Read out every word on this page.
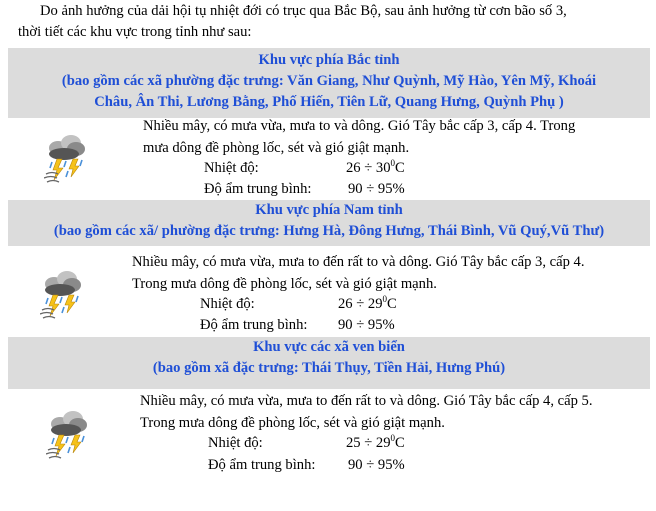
Do ảnh hưởng của dải hội tụ nhiệt đới có trục qua Bắc Bộ, sau ảnh hưởng từ cơn bão số 3,
thời tiết các khu vực trong tỉnh như sau:
Khu vực phía Bắc tỉnh
(bao gồm các xã phường đặc trưng: Văn Giang, Như Quỳnh, Mỹ Hào, Yên Mỹ, Khoái
Châu, Ân Thi, Lương Bằng, Phố Hiến, Tiên Lữ, Quang Hưng, Quỳnh Phụ )
Nhiều mây, có mưa vừa, mưa to và dông. Gió Tây bắc cấp 3, cấp 4. Trong
mưa dông đề phòng lốc, sét và gió giật mạnh.
Nhiệt độ:	$26 \div 30^0C$
Độ ẩm trung bình:	90 ÷ 95%
Khu vực phía Nam tỉnh
(bao gồm các xã/ phường đặc trưng: Hưng Hà, Đông Hưng, Thái Bình, Vũ Quý,Vũ Thư)
Nhiều mây, có mưa vừa, mưa to đến rất to và dông. Gió Tây bắc cấp 3, cấp 4.
Trong mưa dông đề phòng lốc, sét và gió giật mạnh.
Nhiệt độ:	$26 \div 29^0C$
Độ ẩm trung bình: 90 ÷ 95%
Khu vực các xã ven biển
(bao gồm xã đặc trưng: Thái Thụy, Tiền Hải, Hưng Phú)
Nhiều mây, có mưa vừa, mưa to đến rất to và dông. Gió Tây bắc cấp 4, cấp 5.
Trong mưa dông đề phòng lốc, sét và gió giật mạnh.
Nhiệt độ:	$25 \div 29^0C$
Độ ẩm trung bình: 90 ÷ 95%
